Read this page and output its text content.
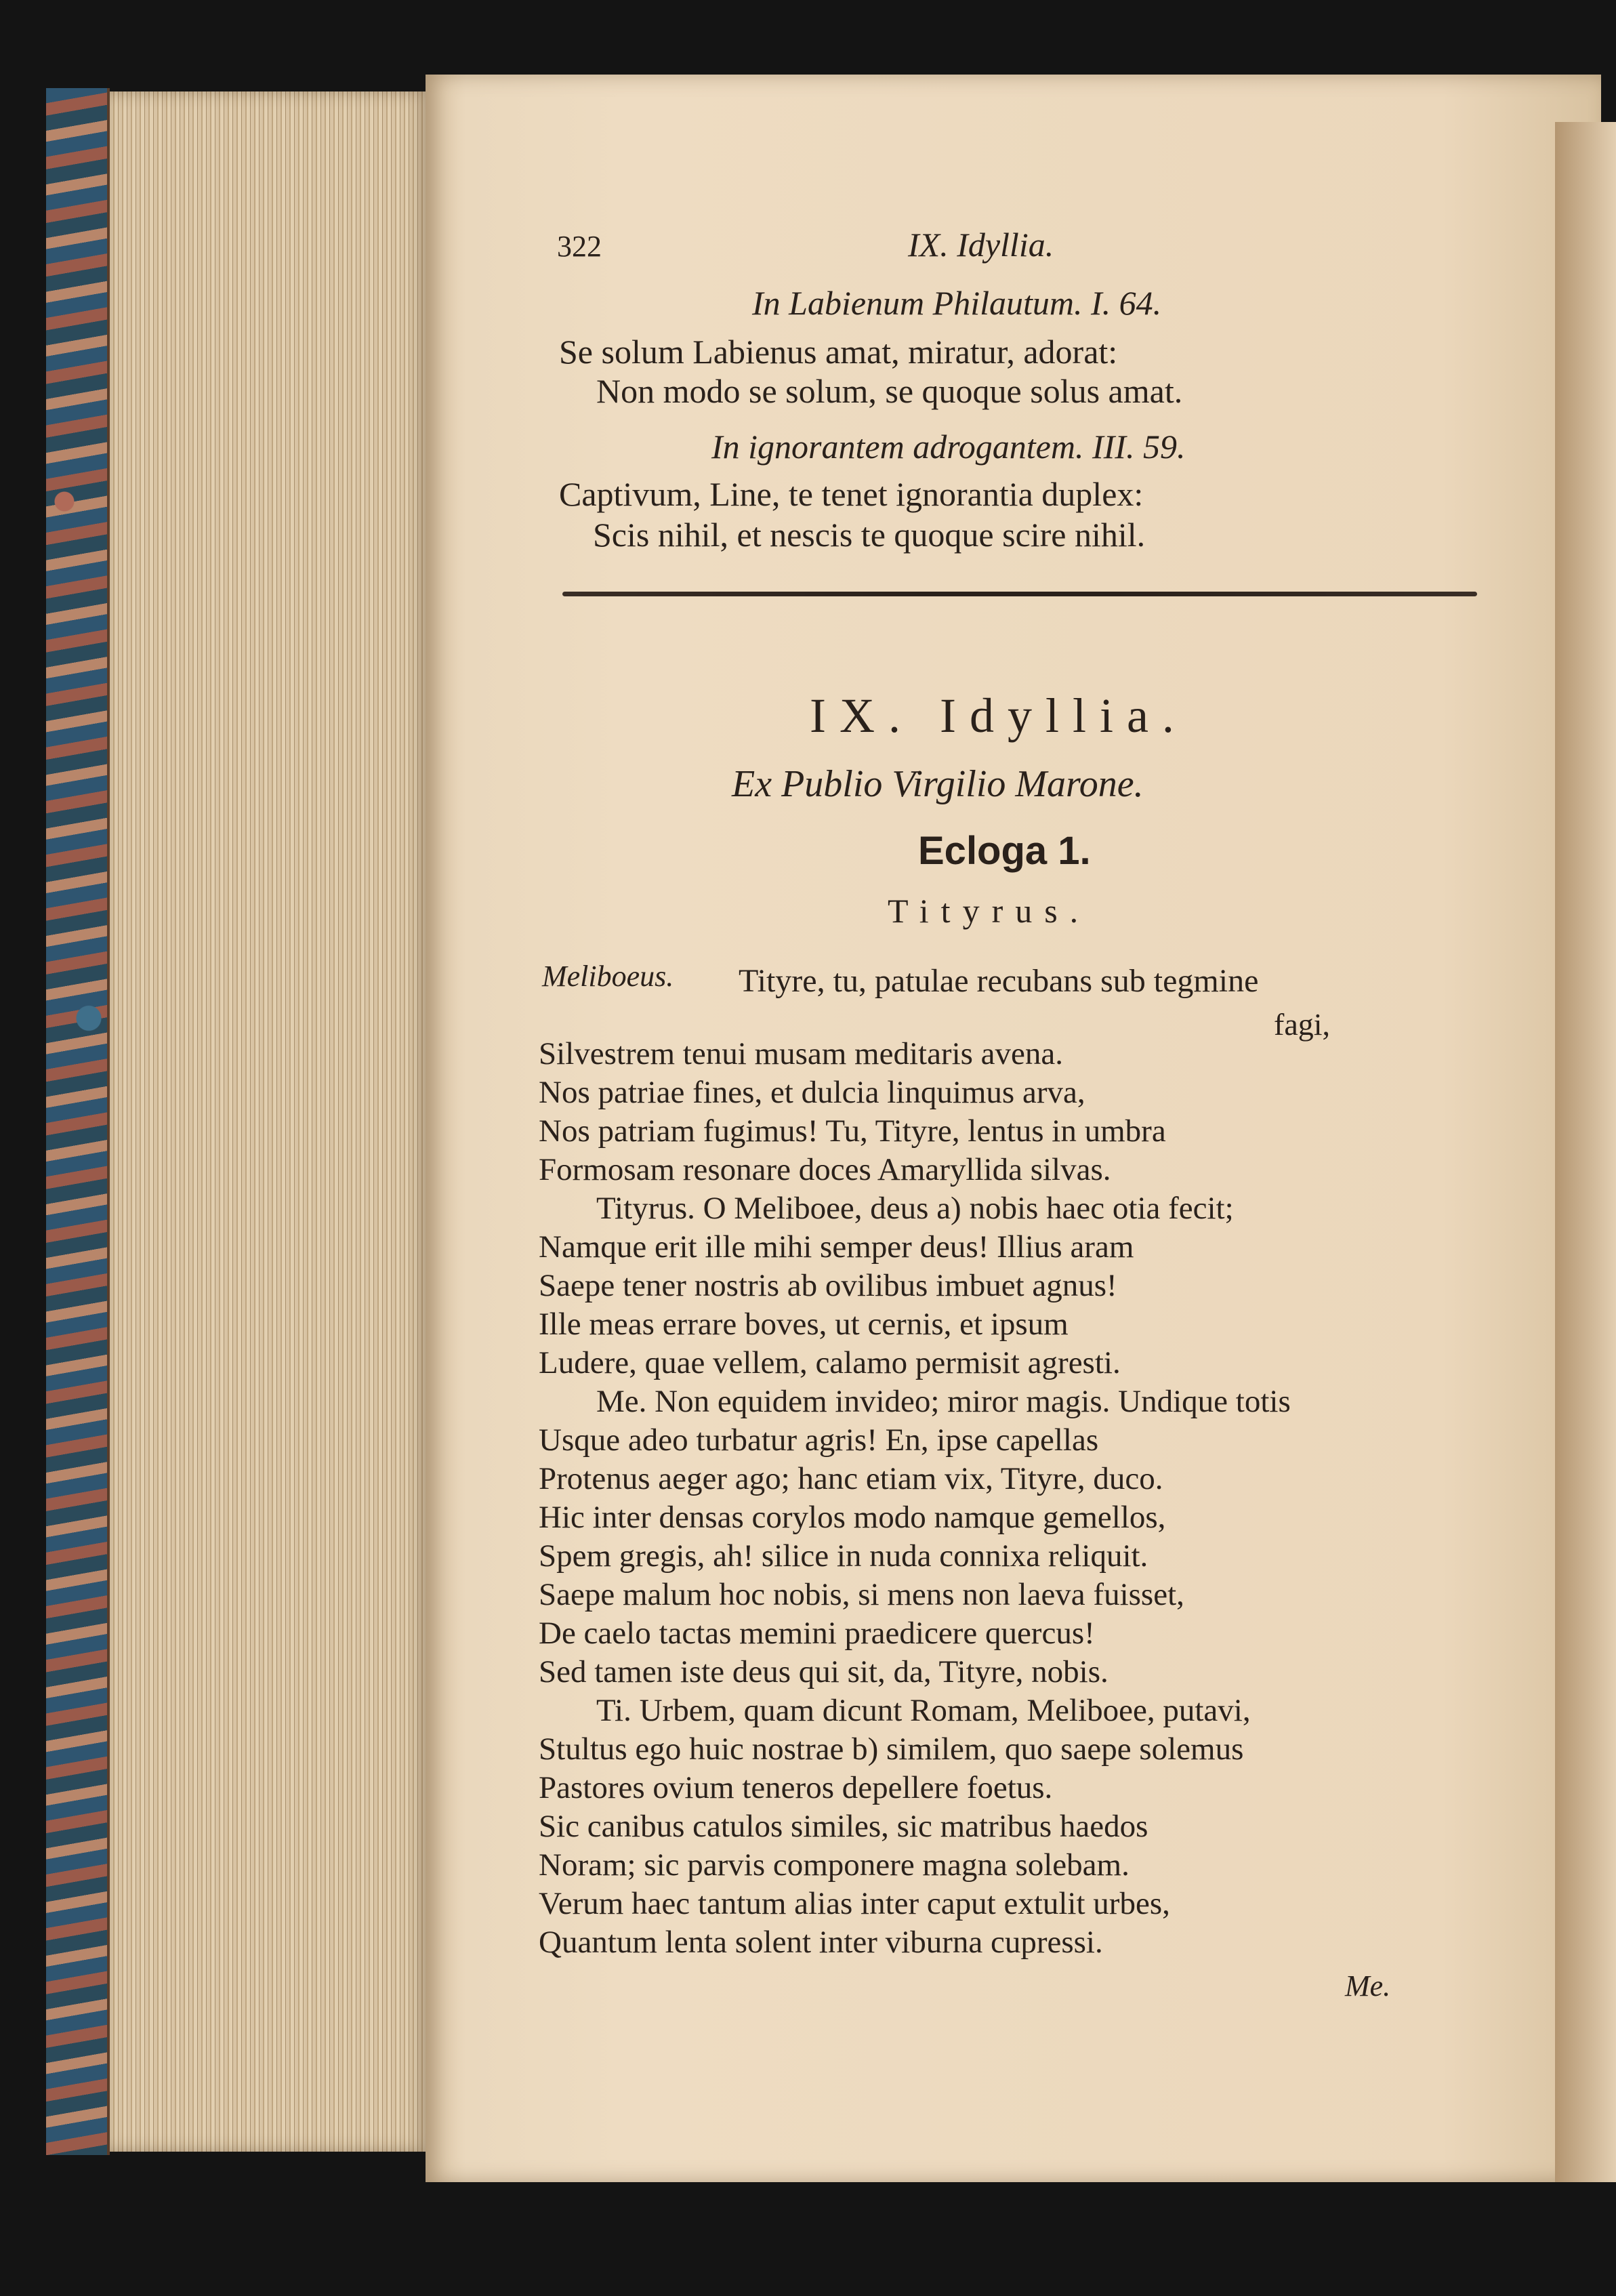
322	IX. Idyllia.
In Labienum Philautum. I. 64.
Se solum Labienus amat, miratur, adorat:
Non modo se solum, se quoque solus amat.
In ignorantem adrogantem. III. 59.
Captivum, Line, te tenet ignorantia duplex:
Scis nihil, et nescis te quoque scire nihil.
IX. Idyllia.
Ex Publio Virgilio Marone.
Ecloga 1.
Tityrus.
Meliboeus. Tityre, tu, patulae recubans sub tegmine
fagi,
Silvestrem tenui musam meditaris avena.
Nos patriae fines, et dulcia linquimus arva,
Nos patriam fugimus! Tu, Tityre, lentus in umbra
Formosam resonare doces Amaryllida silvas.
Tityrus. O Meliboee, deus a) nobis haec otia fecit;
Namque erit ille mihi semper deus! Illius aram
Saepe tener nostris ab ovilibus imbuet agnus!
Ille meas errare boves, ut cernis, et ipsum
Ludere, quae vellem, calamo permisit agresti.
Me. Non equidem invideo; miror magis. Undique totis
Usque adeo turbatur agris! En, ipse capellas
Protenus aeger ago; hanc etiam vix, Tityre, duco.
Hic inter densas corylos modo namque gemellos,
Spem gregis, ah! silice in nuda connixa reliquit.
Saepe malum hoc nobis, si mens non laeva fuisset,
De caelo tactas memini praedicere quercus!
Sed tamen iste deus qui sit, da, Tityre, nobis.
Ti. Urbem, quam dicunt Romam, Meliboee, putavi,
Stultus ego huic nostrae b) similem, quo saepe solemus
Pastores ovium teneros depellere foetus.
Sic canibus catulos similes, sic matribus haedos
Noram; sic parvis componere magna solebam.
Verum haec tantum alias inter caput extulit urbes,
Quantum lenta solent inter viburna cupressi.
Me.
